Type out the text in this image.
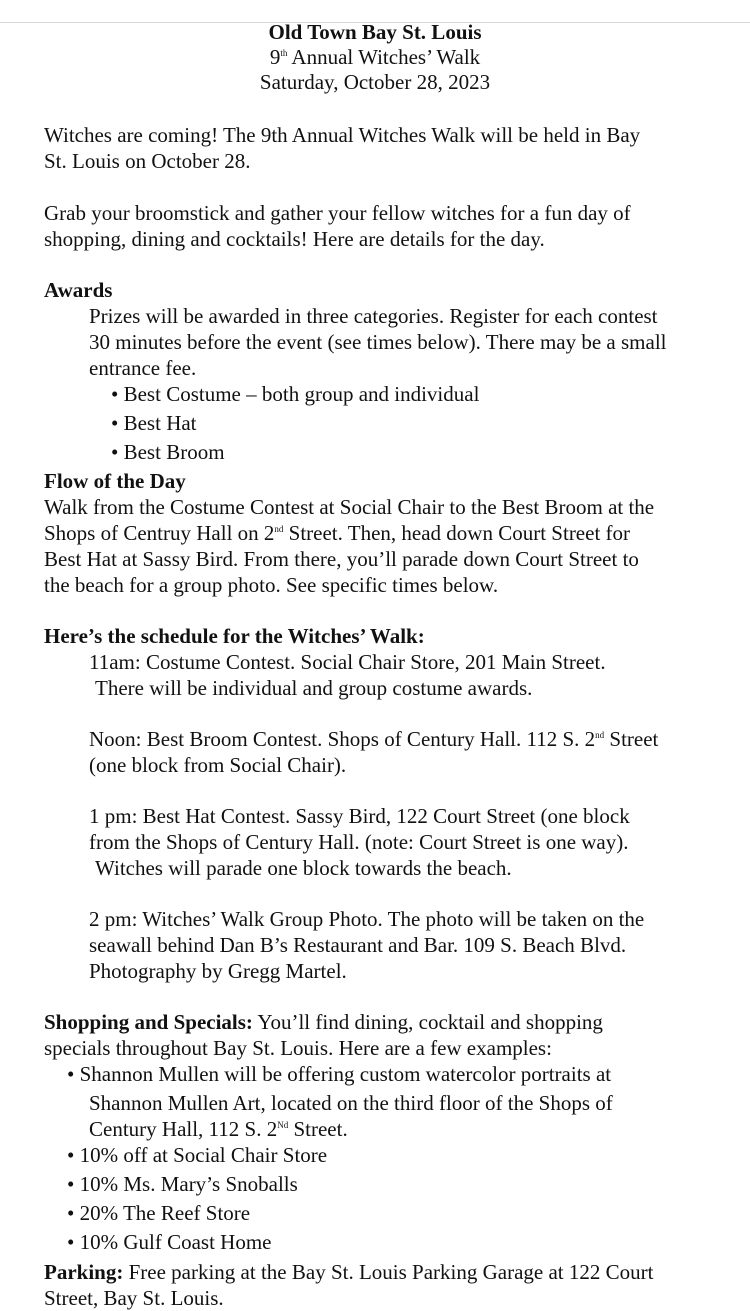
Old Town Bay St. Louis
9th Annual Witches’ Walk
Saturday, October 28, 2023
Witches are coming! The 9th Annual Witches Walk will be held in Bay
St. Louis on October 28.
Grab your broomstick and gather your fellow witches for a fun day of
shopping, dining and cocktails! Here are details for the day.
Awards
Prizes will be awarded in three categories. Register for each contest
30 minutes before the event (see times below). There may be a small
entrance fee.
• Best Costume – both group and individual
• Best Hat
• Best Broom
Flow of the Day
Walk from the Costume Contest at Social Chair to the Best Broom at the
Shops of Centruy Hall on 2nd Street. Then, head down Court Street for
Best Hat at Sassy Bird. From there, you’ll parade down Court Street to
the beach for a group photo. See specific times below.
Here’s the schedule for the Witches’ Walk:
11am: Costume Contest. Social Chair Store, 201 Main Street.
There will be individual and group costume awards.
Noon: Best Broom Contest. Shops of Century Hall. 112 S. 2nd Street
(one block from Social Chair).
1 pm: Best Hat Contest. Sassy Bird, 122 Court Street (one block
from the Shops of Century Hall. (note: Court Street is one way).
Witches will parade one block towards the beach.
2 pm: Witches’ Walk Group Photo. The photo will be taken on the
seawall behind Dan B’s Restaurant and Bar. 109 S. Beach Blvd.
Photography by Gregg Martel.
Shopping and Specials: You’ll find dining, cocktail and shopping
specials throughout Bay St. Louis. Here are a few examples:
• Shannon Mullen will be offering custom watercolor portraits at
Shannon Mullen Art, located on the third floor of the Shops of
Century Hall, 112 S. 2Nd Street.
• 10% off at Social Chair Store
• 10% Ms. Mary’s Snoballs
• 20% The Reef Store
• 10% Gulf Coast Home
Parking: Free parking at the Bay St. Louis Parking Garage at 122 Court
Street, Bay St. Louis.
